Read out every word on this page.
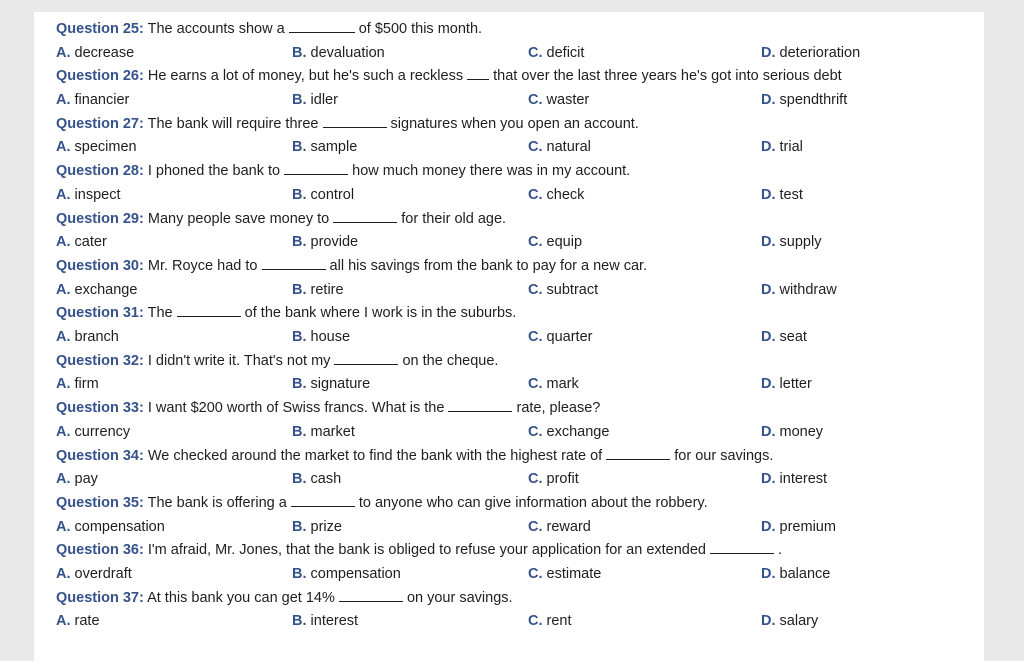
Question 25: The accounts show a	of $500 this month.
A. decrease	B. devaluation	C. deficit	D. deterioration
Question 26: He earns a lot of money, but he's such a reckless that over the last three years he's got into serious debt
A. financier	B. idler	C. waster	D. spendthrift
Question 27: The bank will require three	signatures when you open an account.
A. specimen	B. sample	C. natural	D. trial
Question 28: I phoned the bank to	how much money there was in my account.
A. inspect	B. control	C. check	D. test
Question 29: Many people save money to	for their old age.
A. cater	B. provide	C. equip	D. supply
Question 30: Mr. Royce had to	all his savings from the bank to pay for a new car.
A. exchange	B. retire	C. subtract	D. withdraw
Question 31: The	of the bank where I work is in the suburbs.
A. branch	B. house	C. quarter	D. seat
Question 32: I didn't write it. That's not my	on the cheque.
A. firm	B. signature	C. mark	D. letter
Question 33: I want $200 worth of Swiss francs. What is the	rate, please?
A. currency	B. market	C. exchange	D. money
Question 34: We checked around the market to find the bank with the highest rate of	for our savings.
A. pay	B. cash	C. profit	D. interest
Question 35: The bank is offering a	to anyone who can give information about the robbery.
A. compensation	B. prize	C. reward	D. premium
Question 36: I'm afraid, Mr. Jones, that the bank is obliged to refuse your application for an extended	.
A. overdraft	B. compensation	C. estimate	D. balance
Question 37: At this bank you can get 14%	on your savings.
A. rate	B. interest	C. rent	D. salary
